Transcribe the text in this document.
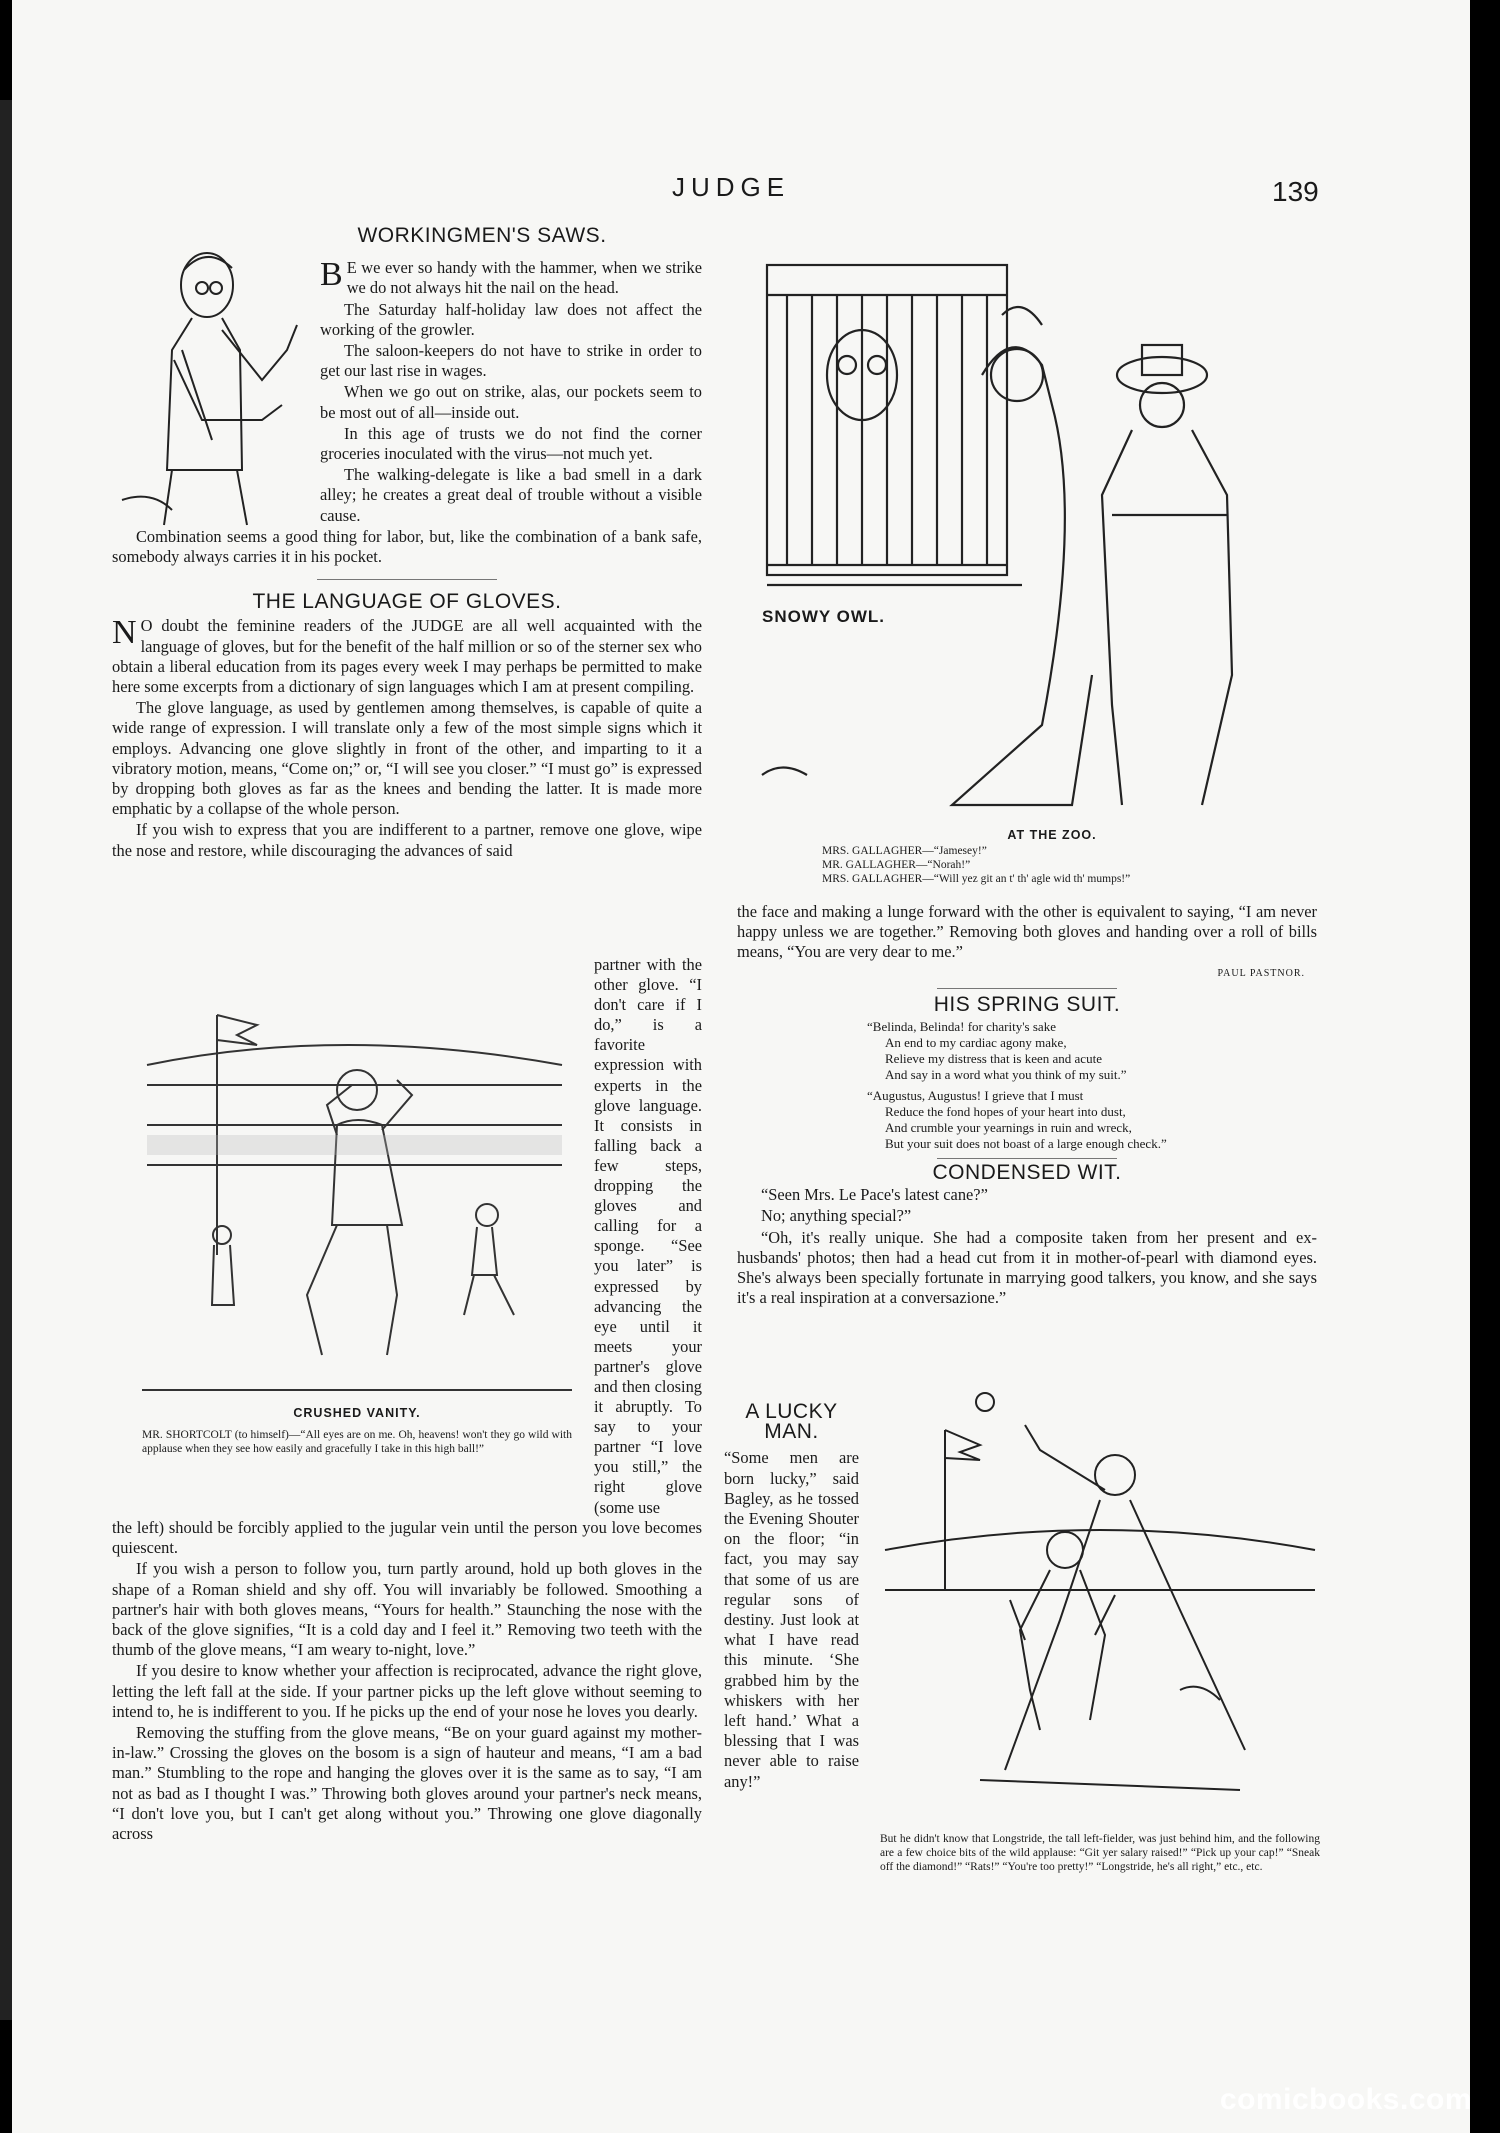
JUDGE	139
WORKINGMEN'S SAWS.

B E we ever so handy with the hammer, when we strike we do not always hit the nail on the head.

The Saturday half-holiday law does not affect the working of the growler.

The saloon-keepers do not have to strike in order to get our last rise in wages.

When we go out on strike, alas, our pockets seem to be most out of all—inside out.

In this age of trusts we do not find the corner groceries inoculated with the virus—not much yet.

The walking-delegate is like a bad smell in a dark alley; he creates a great deal of trouble without a visible cause.

Combination seems a good thing for labor, but, like the combination of a bank safe, somebody always carries it in his pocket.

THE LANGUAGE OF GLOVES.

N O doubt the feminine readers of the JUDGE are all well acquainted with the language of gloves, but for the benefit of the half million or so of the sterner sex who obtain a liberal education from its pages every week I may perhaps be permitted to make here some excerpts from a dictionary of sign languages which I am at present compiling.

The glove language, as used by gentlemen among themselves, is capable of quite a wide range of expression. I will translate only a few of the most simple signs which it employs. Advancing one glove slightly in front of the other, and imparting to it a vibratory motion, means, “Come on;” or, “I will see you closer.” “I must go” is expressed by dropping both gloves as far as the knees and bending the latter. It is made more emphatic by a collapse of the whole person.

If you wish to express that you are indifferent to a partner, remove one glove, wipe the nose and restore, while discouraging the advances of said

CRUSHED VANITY.
MR. SHORTCOLT (to himself)—“All eyes are on me. Oh, heavens! won't they go wild with applause when they see how easily and gracefully I take in this high ball!”
partner with the other glove. “I don't care if I do,” is a favorite expression with experts in the glove language. It consists in falling back a few steps, dropping the gloves and calling for a sponge. “See you later” is expressed by advancing the eye until it meets your partner's glove and then closing it abruptly. To say to your partner “I love you still,” the right glove (some use

the left) should be forcibly applied to the jugular vein until the person you love becomes quiescent.

If you wish a person to follow you, turn partly around, hold up both gloves in the shape of a Roman shield and shy off. You will invariably be followed. Smoothing a partner's hair with both gloves means, “Yours for health.” Staunching the nose with the back of the glove signifies, “It is a cold day and I feel it.” Removing two teeth with the thumb of the glove means, “I am weary to-night, love.”

If you desire to know whether your affection is reciprocated, advance the right glove, letting the left fall at the side. If your partner picks up the left glove without seeming to intend to, he is indifferent to you. If he picks up the end of your nose he loves you dearly.

Removing the stuffing from the glove means, “Be on your guard against my mother-in-law.” Crossing the gloves on the bosom is a sign of hauteur and means, “I am a bad man.” Stumbling to the rope and hanging the gloves over it is the same as to say, “I am not as bad as I thought I was.” Throwing both gloves around your partner's neck means, “I don't love you, but I can't get along without you.” Throwing one glove diagonally across

SNOWY OWL.
AT THE ZOO.
MRS. GALLAGHER—“Jamesey!”
MR. GALLAGHER—“Norah!”
MRS. GALLAGHER—“Will yez git an t' th' agle wid th' mumps!”

the face and making a lunge forward with the other is equivalent to saying, “I am never happy unless we are together.” Removing both gloves and handing over a roll of bills means, “You are very dear to me.”

PAUL PASTNOR.
HIS SPRING SUIT.
“Belinda, Belinda! for charity's sake
An end to my cardiac agony make,
Relieve my distress that is keen and acute
And say in a word what you think of my suit.”
“Augustus, Augustus! I grieve that I must
Reduce the fond hopes of your heart into dust,
And crumble your yearnings in ruin and wreck,
But your suit does not boast of a large enough check.”
CONDENSED WIT.

“Seen Mrs. Le Pace's latest cane?”

No; anything special?”

“Oh, it's really unique. She had a composite taken from her present and ex-husbands' photos; then had a head cut from it in mother-of-pearl with diamond eyes. She's always been specially fortunate in marrying good talkers, you know, and she says it's a real inspiration at a conversazione.”

A LUCKY MAN.
“Some men are born lucky,” said Bagley, as he tossed the Evening Shouter on the floor; “in fact, you may say that some of us are regular sons of destiny. Just look at what I have read this minute. ‘She grabbed him by the whiskers with her left hand.’ What a blessing that I was never able to raise any!”
But he didn't know that Longstride, the tall left-fielder, was just behind him, and the following are a few choice bits of the wild applause: “Git yer salary raised!” “Pick up your cap!” “Sneak off the diamond!” “Rats!” “You're too pretty!” “Longstride, he's all right,” etc., etc.
comicbooks.com
